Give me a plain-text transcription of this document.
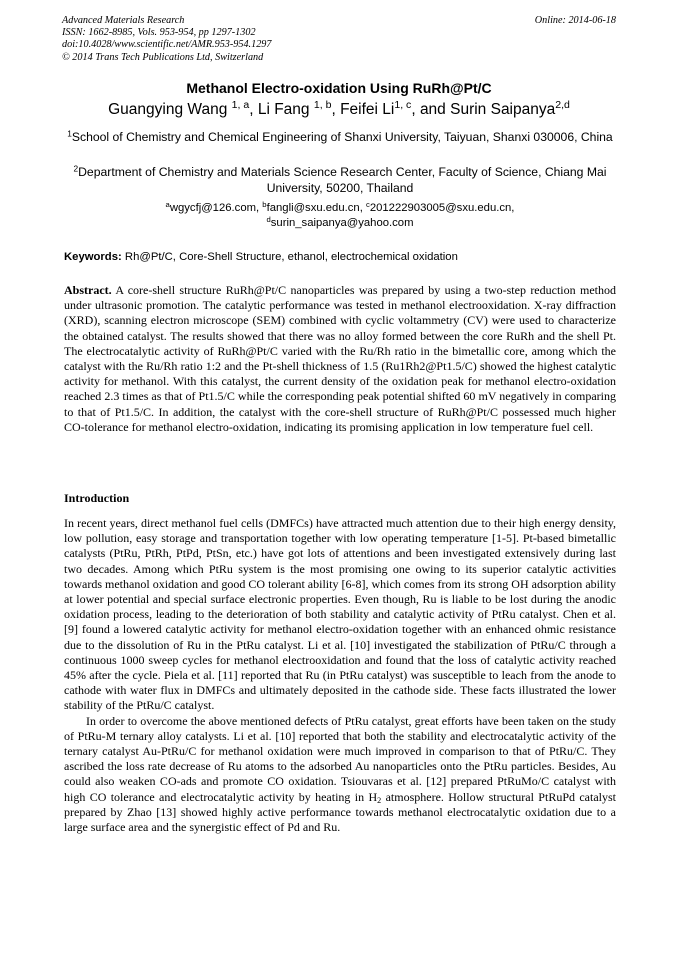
Advanced Materials Research
ISSN: 1662-8985, Vols. 953-954, pp 1297-1302
doi:10.4028/www.scientific.net/AMR.953-954.1297
© 2014 Trans Tech Publications Ltd, Switzerland
Online: 2014-06-18
Methanol Electro-oxidation Using RuRh@Pt/C
Guangying Wang $^{1, a}$, Li Fang $^{1, b}$, Feifei Li$^{1, c}$, and Surin Saipanya$^{2,d}$
$^1$School of Chemistry and Chemical Engineering of Shanxi University, Taiyuan, Shanxi 030006, China
$^2$Department of Chemistry and Materials Science Research Center, Faculty of Science, Chiang Mai University, 50200, Thailand
$^a$wgycfj@126.com, $^b$fangli@sxu.edu.cn, $^c$201222903005@sxu.edu.cn,
$^d$surin_saipanya@yahoo.com
Keywords: Rh@Pt/C, Core-Shell Structure, ethanol, electrochemical oxidation

Abstract. A core-shell structure RuRh@Pt/C nanoparticles was prepared by using a two-step reduction method under ultrasonic promotion. The catalytic performance was tested in methanol electrooxidation. X-ray diffraction (XRD), scanning electron microscope (SEM) combined with cyclic voltammetry (CV) were used to characterize the obtained catalyst. The results showed that there was no alloy formed between the core RuRh and the shell Pt. The electrocatalytic activity of RuRh@Pt/C varied with the Ru/Rh ratio in the bimetallic core, among which the catalyst with the Ru/Rh ratio 1:2 and the Pt-shell thickness of 1.5 (Ru1Rh2@Pt1.5/C) showed the highest catalytic activity for methanol. With this catalyst, the current density of the oxidation peak for methanol electro-oxidation reached 2.3 times as that of Pt1.5/C while the corresponding peak potential shifted 60 mV negatively in comparing to that of Pt1.5/C. In addition, the catalyst with the core-shell structure of RuRh@Pt/C possessed much higher CO-tolerance for methanol electro-oxidation, indicating its promising application in low temperature fuel cell.

Introduction

In recent years, direct methanol fuel cells (DMFCs) have attracted much attention due to their high energy density, low pollution, easy storage and transportation together with low operating temperature [1-5]. Pt-based bimetallic catalysts (PtRu, PtRh, PtPd, PtSn, etc.) have got lots of attentions and been investigated extensively during last two decades. Among which PtRu system is the most promising one owing to its superior catalytic activities towards methanol oxidation and good CO tolerant ability [6-8], which comes from its strong OH adsorption ability at lower potential and special surface electronic properties. Even though, Ru is liable to be lost during the anodic oxidation process, leading to the deterioration of both stability and catalytic activity of PtRu catalyst. Chen et al. [9] found a lowered catalytic activity for methanol electro-oxidation together with an enhanced ohmic resistance due to the dissolution of Ru in the PtRu catalyst. Li et al. [10] investigated the stabilization of PtRu/C through a continuous 1000 sweep cycles for methanol electrooxidation and found that the loss of catalytic activity reached 45% after the cycle. Piela et al. [11] reported that Ru (in PtRu catalyst) was susceptible to leach from the anode to cathode with water flux in DMFCs and ultimately deposited in the cathode side. These facts illustrated the lower stability of the PtRu/C catalyst.

In order to overcome the above mentioned defects of PtRu catalyst, great efforts have been taken on the study of PtRu-M ternary alloy catalysts. Li et al. [10] reported that both the stability and electrocatalytic activity of the ternary catalyst Au-PtRu/C for methanol oxidation were much improved in comparison to that of PtRu/C. They ascribed the loss rate decrease of Ru atoms to the adsorbed Au nanoparticles onto the PtRu particles. Besides, Au could also weaken CO-ads and promote CO oxidation. Tsiouvaras et al. [12] prepared PtRuMo/C catalyst with high CO tolerance and electrocatalytic activity by heating in $H_2$ atmosphere. Hollow structural PtRuPd catalyst prepared by Zhao [13] showed highly active performance towards methanol electrocatalytic oxidation due to a large surface area and the synergistic effect of Pd and Ru.
